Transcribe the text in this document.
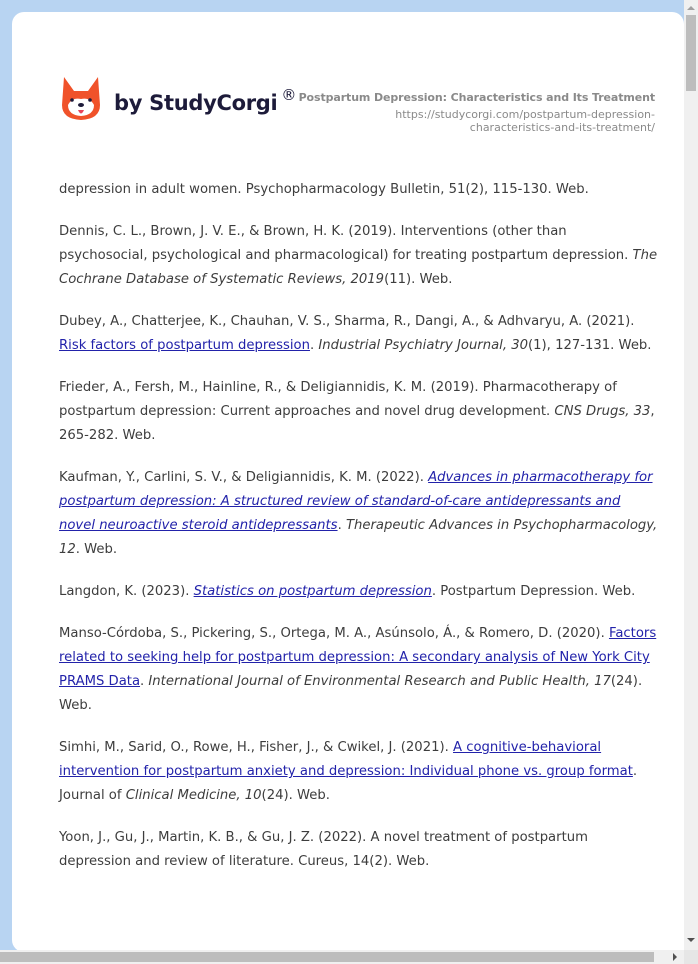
by StudyCorgi ® Postpartum Depression: Characteristics and Its Treatment
https://studycorgi.com/postpartum-depression-
characteristics-and-its-treatment/

depression in adult women. Psychopharmacology Bulletin, 51(2), 115-130. Web.

Dennis, C. L., Brown, J. V. E., & Brown, H. K. (2019). Interventions (other than psychosocial, psychological and pharmacological) for treating postpartum depression. The Cochrane Database of Systematic Reviews, 2019(11). Web.

Dubey, A., Chatterjee, K., Chauhan, V. S., Sharma, R., Dangi, A., & Adhvaryu, A. (2021). Risk factors of postpartum depression. Industrial Psychiatry Journal, 30(1), 127-131. Web.

Frieder, A., Fersh, M., Hainline, R., & Deligiannidis, K. M. (2019). Pharmacotherapy of postpartum depression: Current approaches and novel drug development. CNS Drugs, 33, 265-282. Web.

Kaufman, Y., Carlini, S. V., & Deligiannidis, K. M. (2022). Advances in pharmacotherapy for postpartum depression: A structured review of standard-of-care antidepressants and novel neuroactive steroid antidepressants. Therapeutic Advances in Psychopharmacology, 12. Web.

Langdon, K. (2023). Statistics on postpartum depression. Postpartum Depression. Web.

Manso-Córdoba, S., Pickering, S., Ortega, M. A., Asúnsolo, Á., & Romero, D. (2020). Factors related to seeking help for postpartum depression: A secondary analysis of New York City PRAMS Data. International Journal of Environmental Research and Public Health, 17(24). Web.

Simhi, M., Sarid, O., Rowe, H., Fisher, J., & Cwikel, J. (2021). A cognitive-behavioral intervention for postpartum anxiety and depression: Individual phone vs. group format. Journal of Clinical Medicine, 10(24). Web.

Yoon, J., Gu, J., Martin, K. B., & Gu, J. Z. (2022). A novel treatment of postpartum depression and review of literature. Cureus, 14(2). Web.
